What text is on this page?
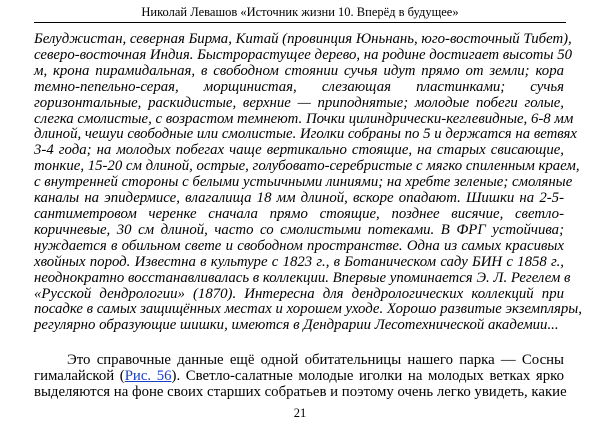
Николай Левашов «Источник жизни 10. Вперёд в будущее»
Белуджистан, северная Бирма, Китай (провинция Юньнань, юго-восточный Тибет),
северо-восточная Индия. Быстрорастущее дерево, на родине достигает высоты 50
м, крона пирамидальная, в свободном стоянии сучья идут прямо от земли; кора
темно-пепельно-серая, морщинистая, слезающая пластинками; сучья
горизонтальные, раскидистые, верхние — приподнятые; молодые побеги голые,
слегка смолистые, с возрастом темнеют. Почки цилиндрически-кеглевидные, 6-8 мм
длиной, чешуи свободные или смолистые. Иголки собраны по 5 и держатся на ветвях
3-4 года; на молодых побегах чаще вертикально стоящие, на старых свисающие,
тонкие, 15-20 см длиной, острые, голубовато-серебристые с мягко спиленным краем,
с внутренней стороны с белыми устьичными линиями; на хребте зеленые; смоляные
каналы на эпидермисе, влагалища 18 мм длиной, вскоре опадают. Шишки на 2-5-
сантиметровом черенке сначала прямо стоящие, позднее висячие, светло-
коричневые, 30 см длиной, часто со смолистыми потеками. В ФРГ устойчива;
нуждается в обильном свете и свободном пространстве. Одна из самых красивых
хвойных пород. Известна в культуре с 1823 г., в Ботаническом саду БИН с 1858 г.,
неоднократно восстанавливалась в коллекции. Впервые упоминается Э. Л. Регелем в
«Русской дендрологии» (1870). Интересна для дендрологических коллекций при
посадке в самых защищённых местах и хорошем уходе. Хорошо развитые экземпляры,
регулярно образующие шишки, имеются в Дендрарии Лесотехнической академии...
Это справочные данные ещё одной обитательницы нашего парка — Сосны
гималайской (Рис. 56). Светло-салатные молодые иголки на молодых ветках ярко
выделяются на фоне своих старших собратьев и поэтому очень легко увидеть, какие
21
